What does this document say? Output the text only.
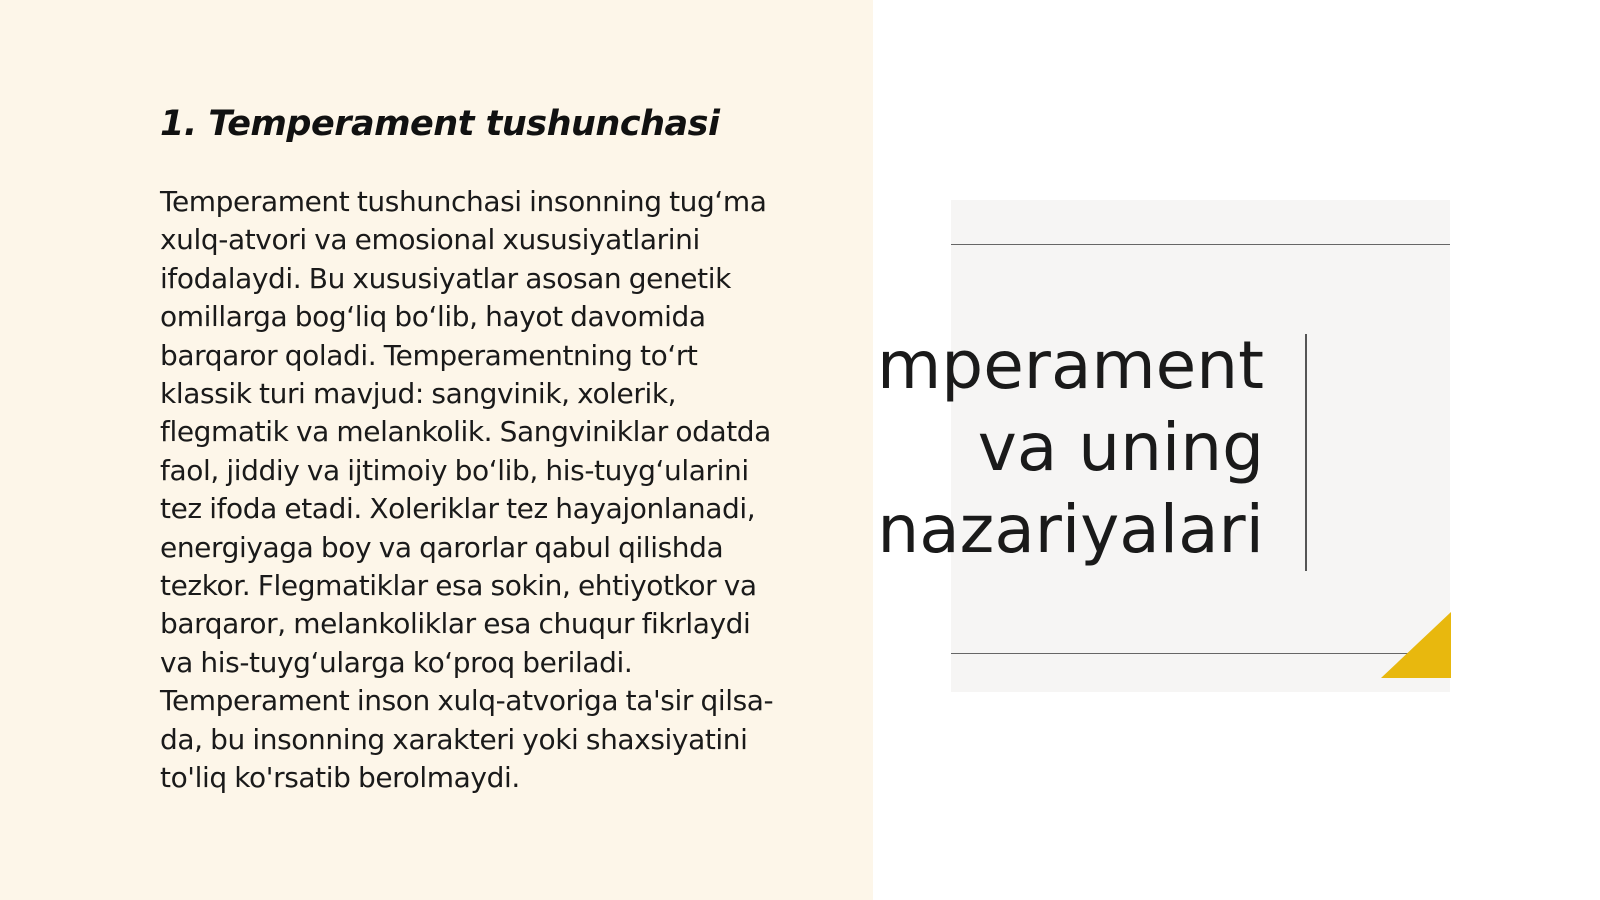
1. Temperament tushunchasi

Temperament tushunchasi insonning tug‘ma
xulq-atvori va emosional xususiyatlarini
ifodalaydi. Bu xususiyatlar asosan genetik
omillarga bog‘liq bo‘lib, hayot davomida
barqaror qoladi. Temperamentning to‘rt
klassik turi mavjud: sangvinik, xolerik,
flegmatik va melankolik. Sangviniklar odatda
faol, jiddiy va ijtimoiy bo‘lib, his-tuyg‘ularini
tez ifoda etadi. Xoleriklar tez hayajonlanadi,
energiyaga boy va qarorlar qabul qilishda
tezkor. Flegmatiklar esa sokin, ehtiyotkor va
barqaror, melankoliklar esa chuqur fikrlaydi
va his-tuyg‘ularga ko‘proq beriladi.
Temperament inson xulq-atvoriga ta'sir qilsa-
da, bu insonning xarakteri yoki shaxsiyatini
to'liq ko'rsatib berolmaydi.

mperament
va uning
nazariyalari
